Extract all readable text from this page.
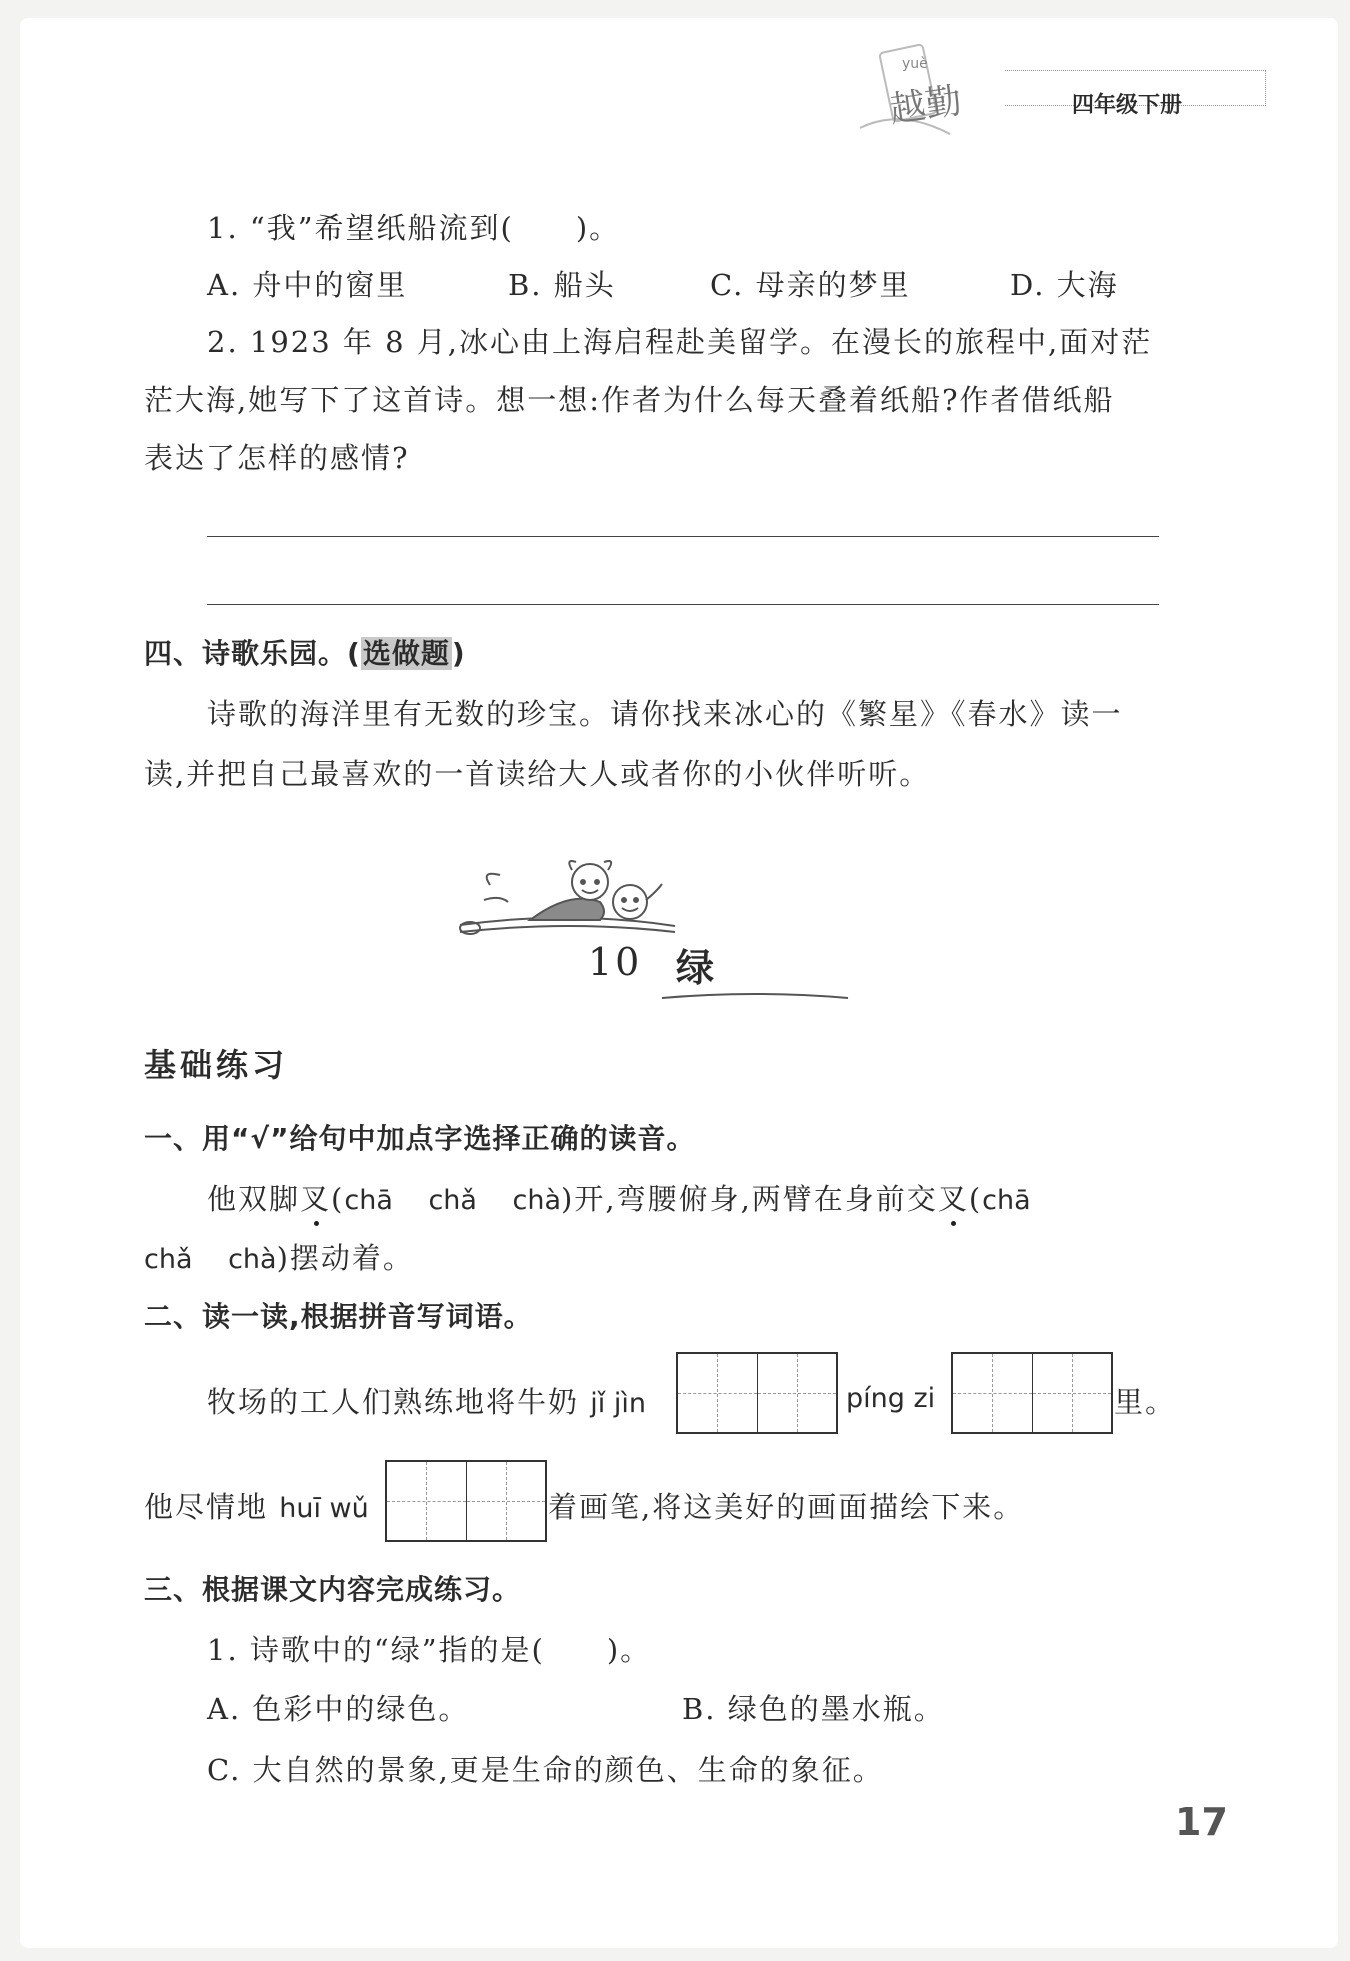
yuè
越勤	四年级下册
1. “我”希望纸船流到(　　)。
A. 舟中的窗里	B. 船头	C. 母亲的梦里	D. 大海
2. 1923 年 8 月,冰心由上海启程赴美留学。在漫长的旅程中,面对茫
茫大海,她写下了这首诗。想一想:作者为什么每天叠着纸船?作者借纸船
表达了怎样的感情?
四、诗歌乐园。(选做题)
诗歌的海洋里有无数的珍宝。请你找来冰心的《繁星》《春水》读一
读,并把自己最喜欢的一首读给大人或者你的小伙伴听听。
10 绿
基础练习
一、用“√”给句中加点字选择正确的读音。
他双脚叉(chā　 chǎ　 chà)开,弯腰俯身,两臂在身前交叉(chā
chǎ　 chà)摆动着。
二、读一读,根据拼音写词语。
牧场的工人们熟练地将牛奶 jǐ jìn	píng zi	里。
他尽情地 huī wǔ	着画笔,将这美好的画面描绘下来。
三、根据课文内容完成练习。
1. 诗歌中的“绿”指的是(　　)。
A. 色彩中的绿色。	B. 绿色的墨水瓶。
C. 大自然的景象,更是生命的颜色、生命的象征。
17
